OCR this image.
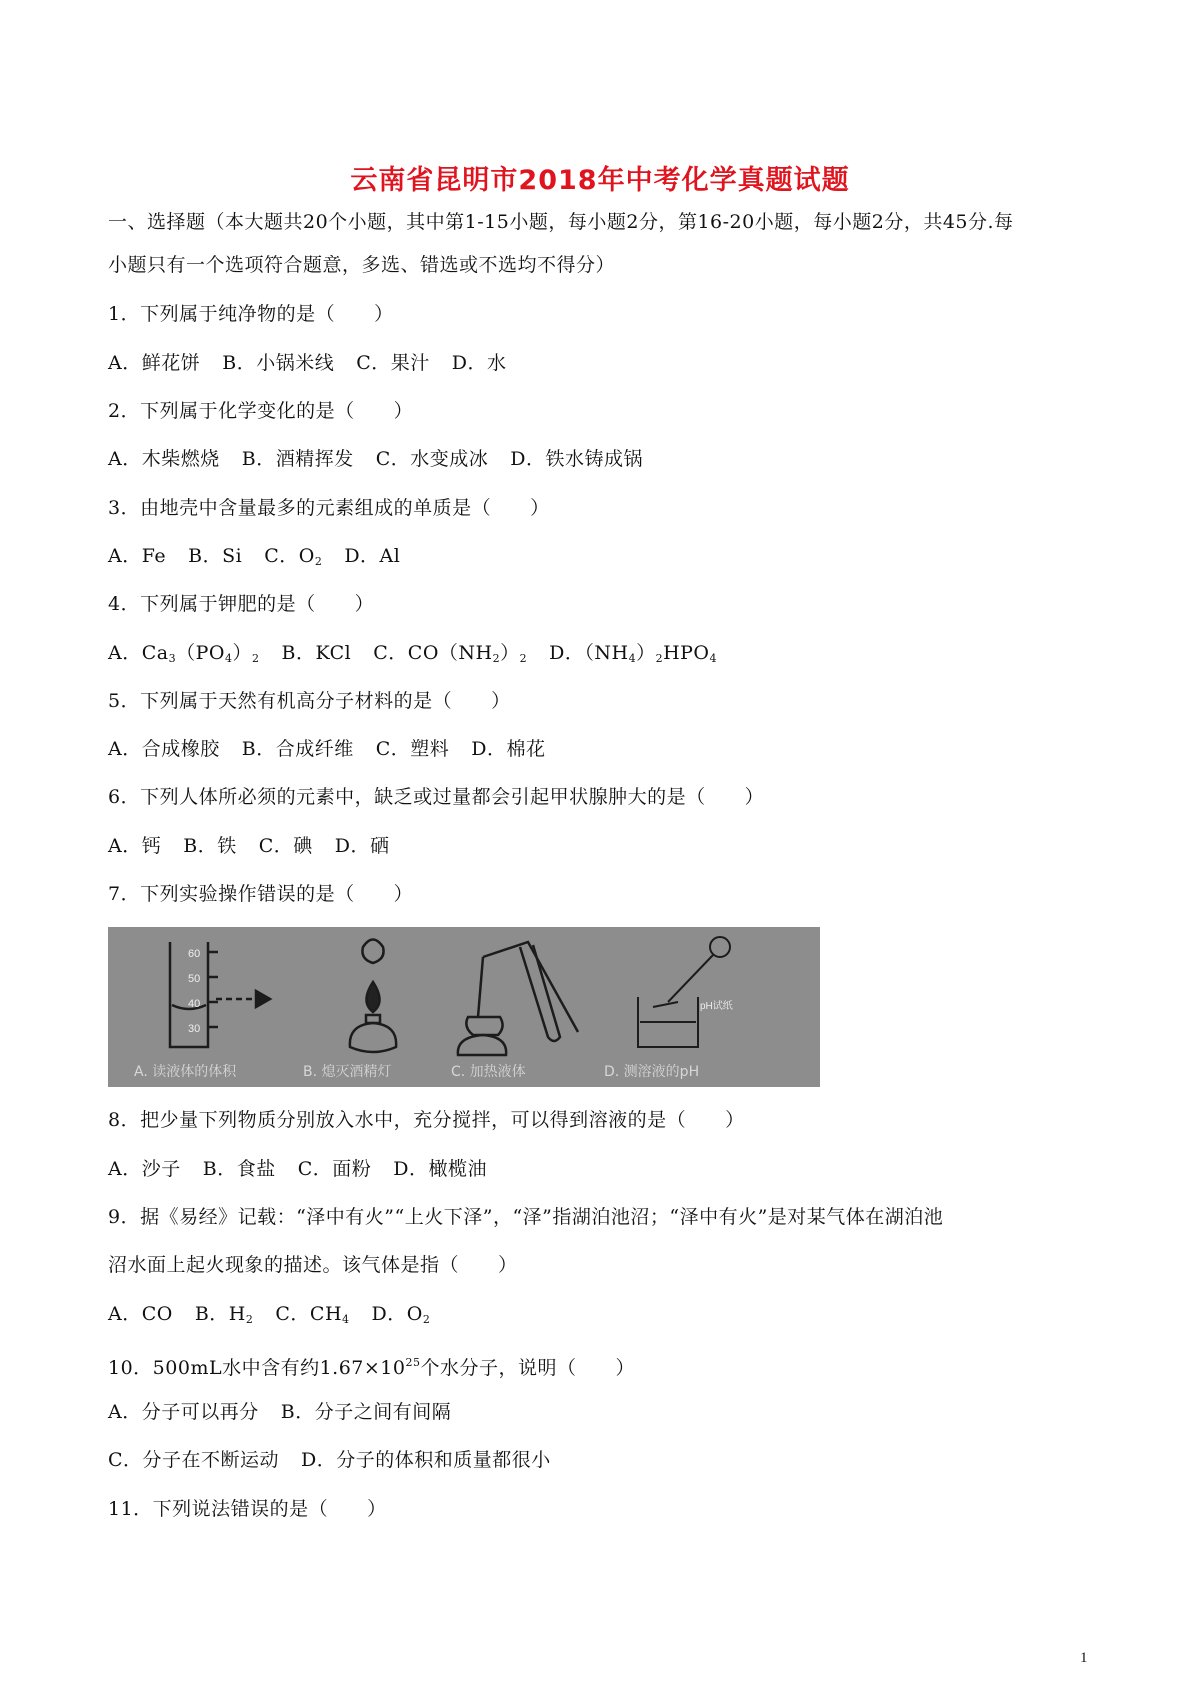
云南省昆明市2018年中考化学真题试题
一、选择题（本大题共20个小题，其中第1-15小题，每小题2分，第16-20小题，每小题2分，共45分.每
小题只有一个选项符合题意，多选、错选或不选均不得分）
1．下列属于纯净物的是（　　）
A．鲜花饼 B．小锅米线 C．果汁 D．水
2．下列属于化学变化的是（　　）
A．木柴燃烧 B．酒精挥发 C．水变成冰 D．铁水铸成锅
3．由地壳中含量最多的元素组成的单质是（　　）
A．Fe B．Si C．$O_2$ D．Al
4．下列属于钾肥的是（　　）
A．$Ca_3(PO_4)_2$ B．KCl C．$CO(NH_2)_2$ D．$(NH_4)_2HPO_4$
5．下列属于天然有机高分子材料的是（　　）
A．合成橡胶 B．合成纤维 C．塑料 D．棉花
6．下列人体所必须的元素中，缺乏或过量都会引起甲状腺肿大的是（　　）
A．钙 B．铁 C．碘 D．硒
7．下列实验操作错误的是（　　）
60
50
40
30
pH试纸
A. 读液体的体积	B. 熄灭酒精灯	C. 加热液体	D. 测溶液的pH
8．把少量下列物质分别放入水中，充分搅拌，可以得到溶液的是（　　）
A．沙子 B．食盐 C．面粉 D．橄榄油
9．据《易经》记载：“泽中有火”“上火下泽”，“泽”指湖泊池沼；“泽中有火”是对某气体在湖泊池
沼水面上起火现象的描述。该气体是指（　　）
A．CO B．$H_2$ C．$CH_4$ D．$O_2$
10．500mL水中含有约$1.67\times 10^{25}$个水分子，说明（　　）
A．分子可以再分 B．分子之间有间隔
C．分子在不断运动 D．分子的体积和质量都很小
11．下列说法错误的是（　　）
1
